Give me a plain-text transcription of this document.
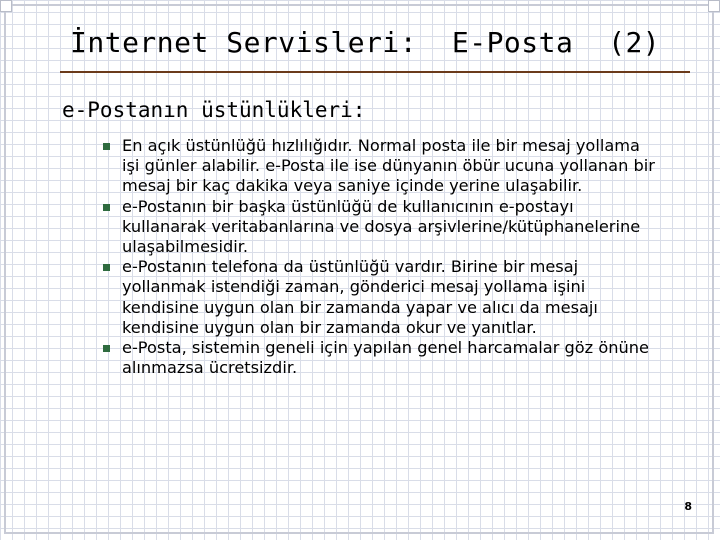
İnternet Servisleri:  E-Posta  (2)
e-Postanın üstünlükleri:
En açık üstünlüğü hızlılığıdır. Normal posta ile bir mesaj yollama işi günler alabilir. e-Posta ile ise dünyanın öbür ucuna yollanan bir mesaj bir kaç dakika veya saniye içinde yerine ulaşabilir.
e-Postanın bir başka üstünlüğü de kullanıcının e-postayı kullanarak veritabanlarına ve dosya arşivlerine/kütüphanelerine ulaşabilmesidir.
e-Postanın telefona da üstünlüğü vardır. Birine bir mesaj yollanmak istendiği zaman, gönderici mesaj yollama işini kendisine uygun olan bir zamanda yapar ve alıcı da mesajı kendisine uygun olan bir zamanda okur ve yanıtlar.
e-Posta, sistemin geneli için yapılan genel harcamalar göz önüne alınmazsa ücretsizdir.
8
